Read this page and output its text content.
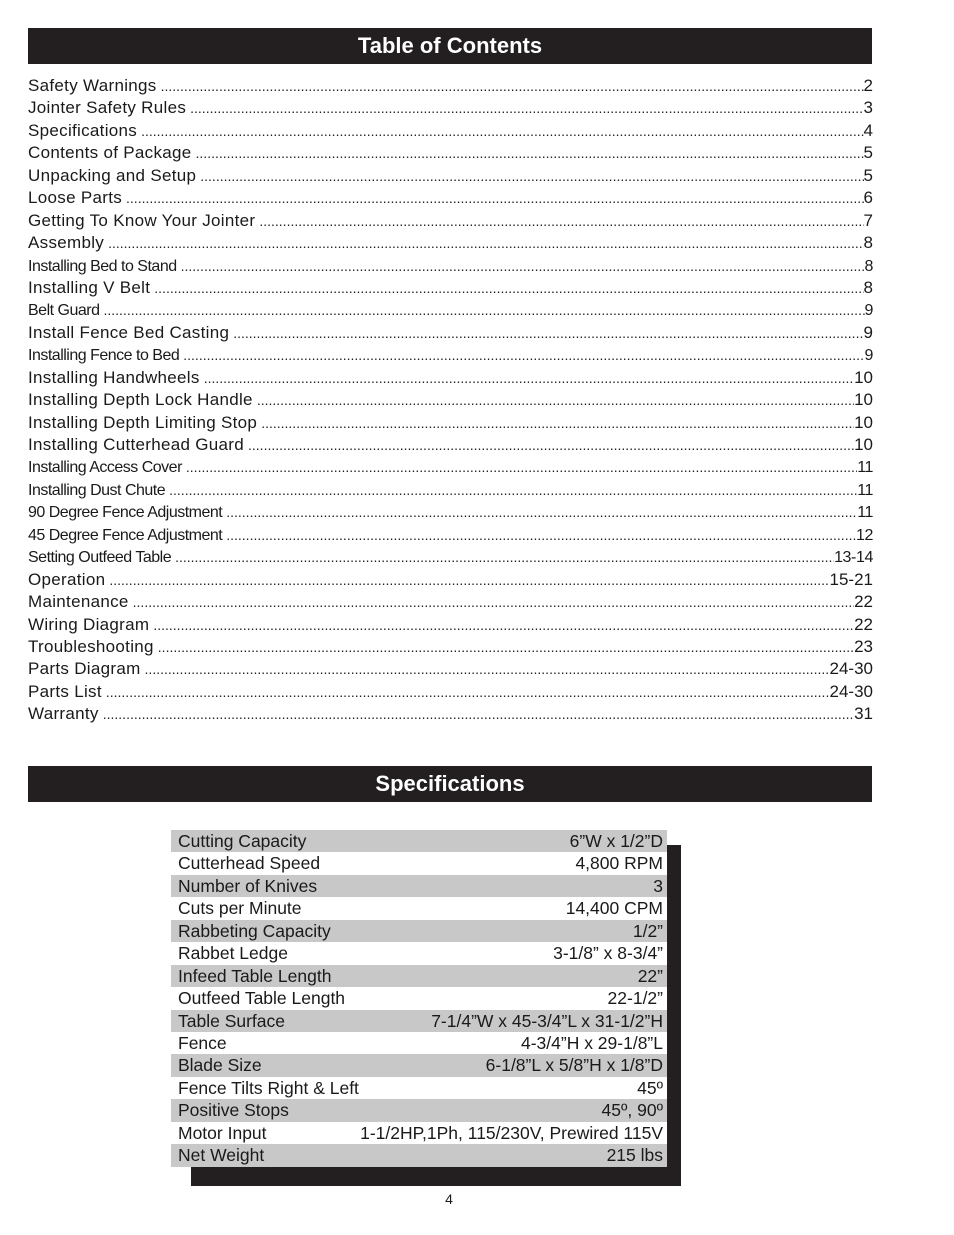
Table of Contents
Safety Warnings .....	2
Jointer Safety Rules .....	3
Specifications .....	4
Contents of Package .....	5
Unpacking and Setup .....	5
Loose Parts .....	6
Getting To Know Your Jointer .....	7
Assembly .....	8
Installing Bed to Stand .....	8
Installing V Belt .....	8
Belt Guard .....	9
Install Fence Bed Casting .....	9
Installing Fence to Bed .....	9
Installing Handwheels .....	10
Installing Depth Lock Handle .....	10
Installing Depth Limiting Stop .....	10
Installing Cutterhead Guard .....	10
Installing Access Cover .....	11
Installing Dust Chute .....	11
90 Degree Fence Adjustment .....	11
45 Degree Fence Adjustment .....	12
Setting Outfeed Table .....	13-14
Operation .....	15-21
Maintenance .....	22
Wiring Diagram .....	22
Troubleshooting .....	23
Parts Diagram .....	24-30
Parts List .....	24-30
Warranty .....	31
Specifications
Cutting Capacity	6”W x 1/2”D
Cutterhead Speed	4,800 RPM
Number of Knives	3
Cuts per Minute	14,400 CPM
Rabbeting Capacity	1/2”
Rabbet Ledge	3-1/8” x 8-3/4”
Infeed Table Length	22”
Outfeed Table Length	22-1/2”
Table Surface	7-1/4”W x 45-3/4”L x 31-1/2”H
Fence	4-3/4”H x 29-1/8”L
Blade Size	6-1/8”L x 5/8”H x 1/8”D
Fence Tilts Right & Left	45º
Positive Stops	45º, 90º
Motor Input	1-1/2HP,1Ph, 115/230V, Prewired 115V
Net Weight	215 lbs
4
